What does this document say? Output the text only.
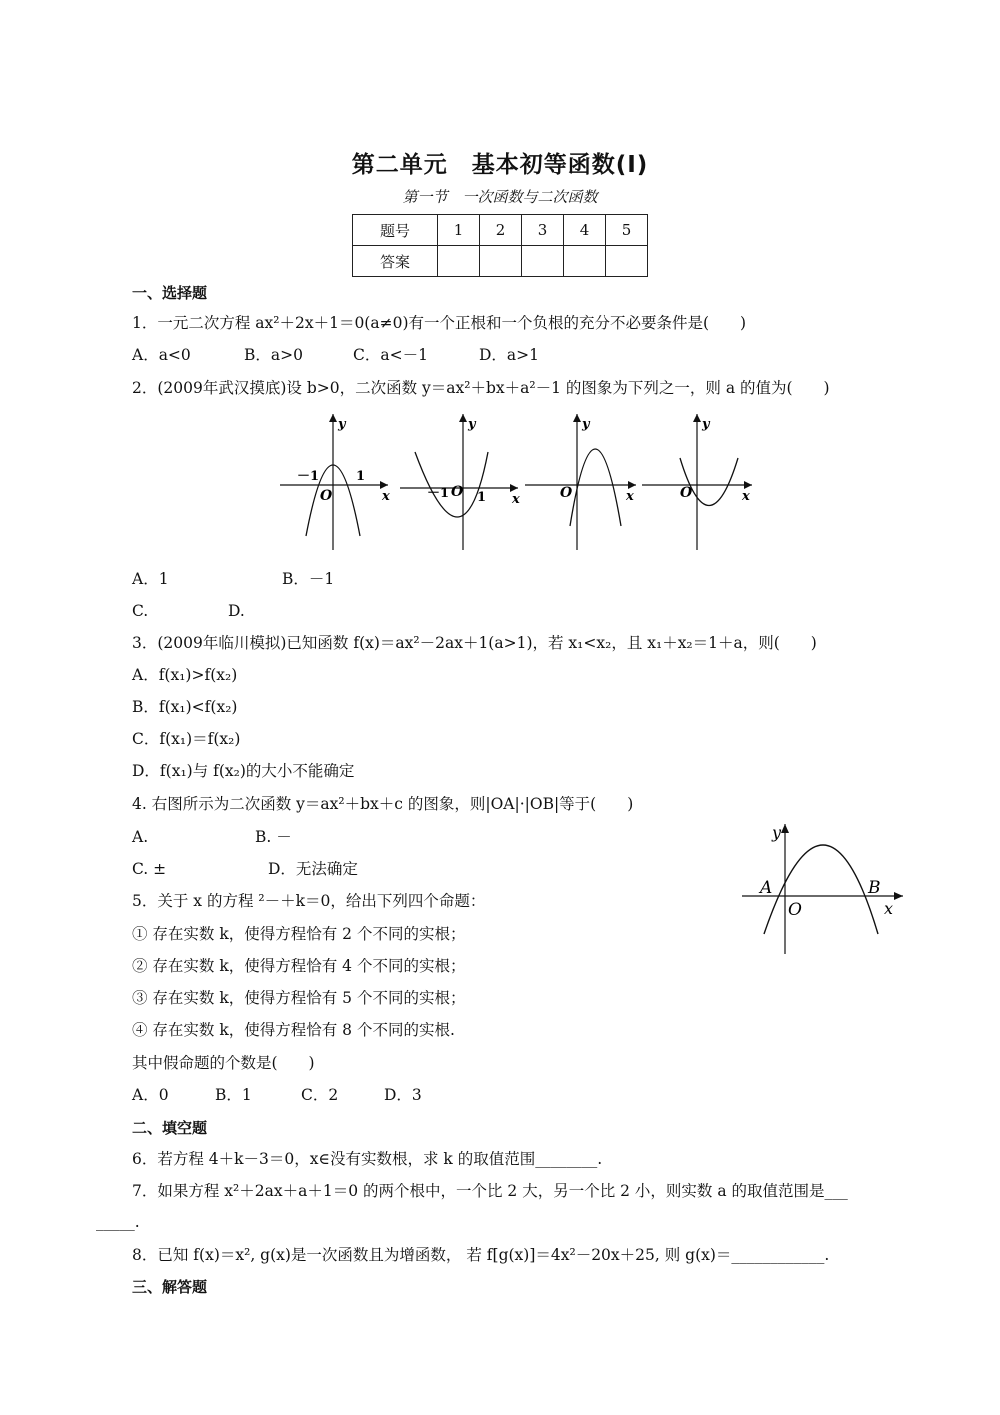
第二单元　基本初等函数(Ⅰ)
第一节　一次函数与二次函数
题号	1	2	3	4	5
答案					
一、选择题
1．一元二次方程 ax²＋2x＋1＝0(a≠0)有一个正根和一个负根的充分不必要条件是(　　)
A．a<0	B．a>0	C．a<－1	D．a>1
2．(2009年武汉摸底)设 b>0，二次函数 y＝ax²＋bx＋a²－1 的图象为下列之一，则 a 的值为(　　)
y
x
O
－1	1
y
x
O
－1 1
y
x
O
y
x
O
A．1	B．－1
C.	D.
3．(2009年临川模拟)已知函数 f(x)＝ax²－2ax＋1(a>1)，若 x₁<x₂，且 x₁＋x₂＝1＋a，则(　　)
A．f(x₁)>f(x₂)
B．f(x₁)<f(x₂)
C．f(x₁)＝f(x₂)
D．f(x₁)与 f(x₂)的大小不能确定
4. 右图所示为二次函数 y＝ax²＋bx＋c 的图象，则|OA|·|OB|等于(　　)
A.	B. －
C. ±	D．无法确定
y
x
A	B
O
5．关于 x 的方程 ²－＋k＝0，给出下列四个命题：
① 存在实数 k，使得方程恰有 2 个不同的实根；
② 存在实数 k，使得方程恰有 4 个不同的实根；
③ 存在实数 k，使得方程恰有 5 个不同的实根；
④ 存在实数 k，使得方程恰有 8 个不同的实根.
其中假命题的个数是(　　)
A．0	B．1	C．2	D．3
二、填空题
6．若方程 4＋k－3＝0，x∈没有实数根，求 k 的取值范围________.
7．如果方程 x²＋2ax＋a＋1＝0 的两个根中，一个比 2 大，另一个比 2 小，则实数 a 的取值范围是___
_____.
8．已知 f(x)＝x², g(x)是一次函数且为增函数， 若 f[g(x)]＝4x²－20x＋25, 则 g(x)＝____________.
三、解答题
